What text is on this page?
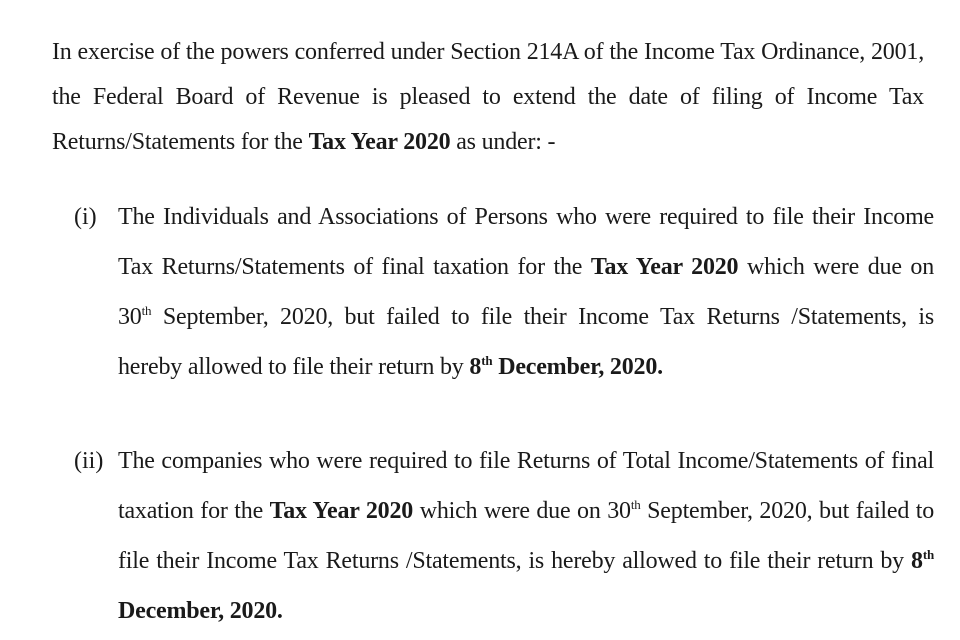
In exercise of the powers conferred under Section 214A of the Income Tax Ordinance, 2001, the Federal Board of Revenue is pleased to extend the date of filing of Income Tax Returns/Statements for the Tax Year 2020 as under: -

(i) The Individuals and Associations of Persons who were required to file their Income Tax Returns/Statements of final taxation for the Tax Year 2020 which were due on 30th September, 2020, but failed to file their Income Tax Returns /Statements, is hereby allowed to file their return by 8th December, 2020.
(ii) The companies who were required to file Returns of Total Income/Statements of final taxation for the Tax Year 2020 which were due on 30th September, 2020, but failed to file their Income Tax Returns /Statements, is hereby allowed to file their return by 8th December, 2020.
